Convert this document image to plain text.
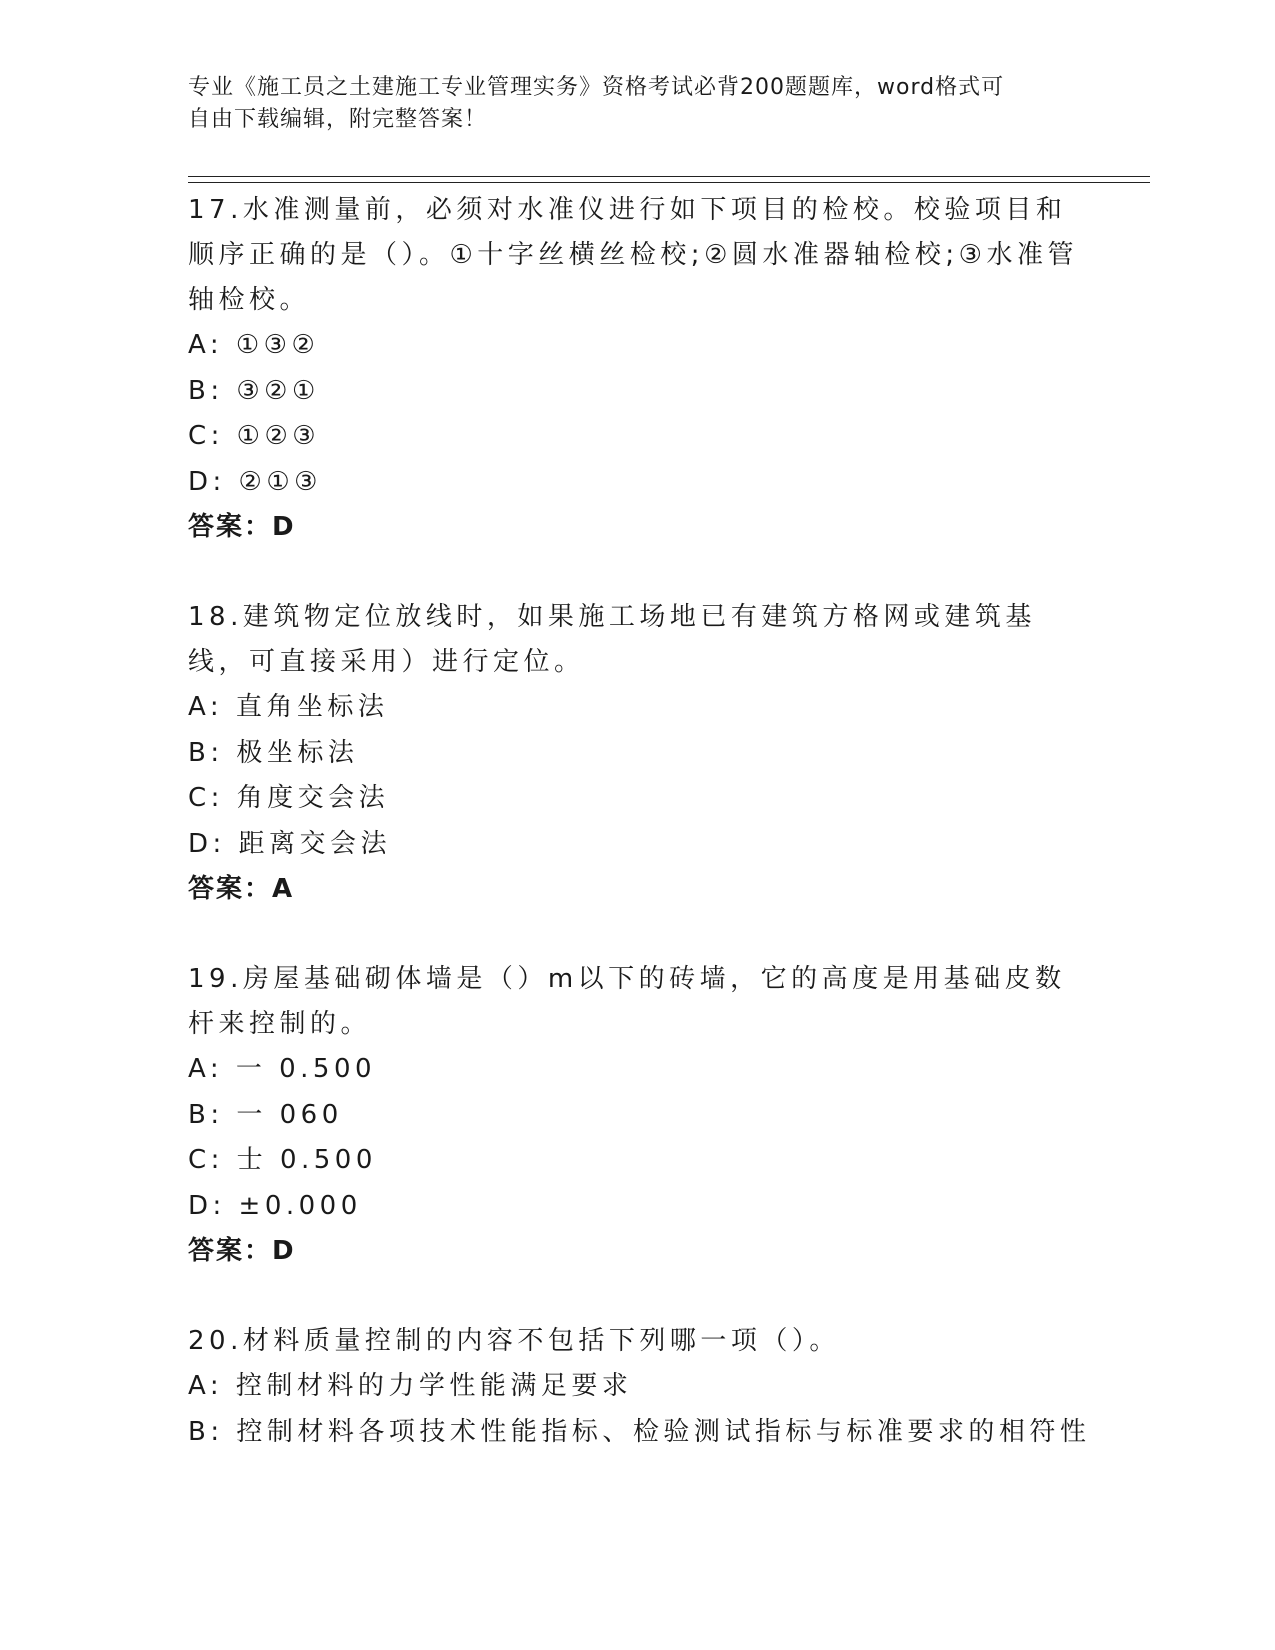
专业《施工员之土建施工专业管理实务》资格考试必背200题题库，word格式可
自由下载编辑，附完整答案！

17.水准测量前，必须对水准仪进行如下项目的检校。校验项目和顺序正确的是（）。①十字丝横丝检校;②圆水准器轴检校;③水准管轴检校。

A: ①③②

B: ③②①

C: ①②③

D: ②①③

答案：D

18.建筑物定位放线时，如果施工场地已有建筑方格网或建筑基线，可直接采用）进行定位。

A: 直角坐标法

B: 极坐标法

C: 角度交会法

D: 距离交会法

答案：A

19.房屋基础砌体墙是（）m以下的砖墙，它的高度是用基础皮数杆来控制的。

A: 一 0.500

B: 一 060

C: 士 0.500

D: ±0.000

答案：D

20.材料质量控制的内容不包括下列哪一项（）。

A: 控制材料的力学性能满足要求

B: 控制材料各项技术性能指标、检验测试指标与标准要求的相符性
